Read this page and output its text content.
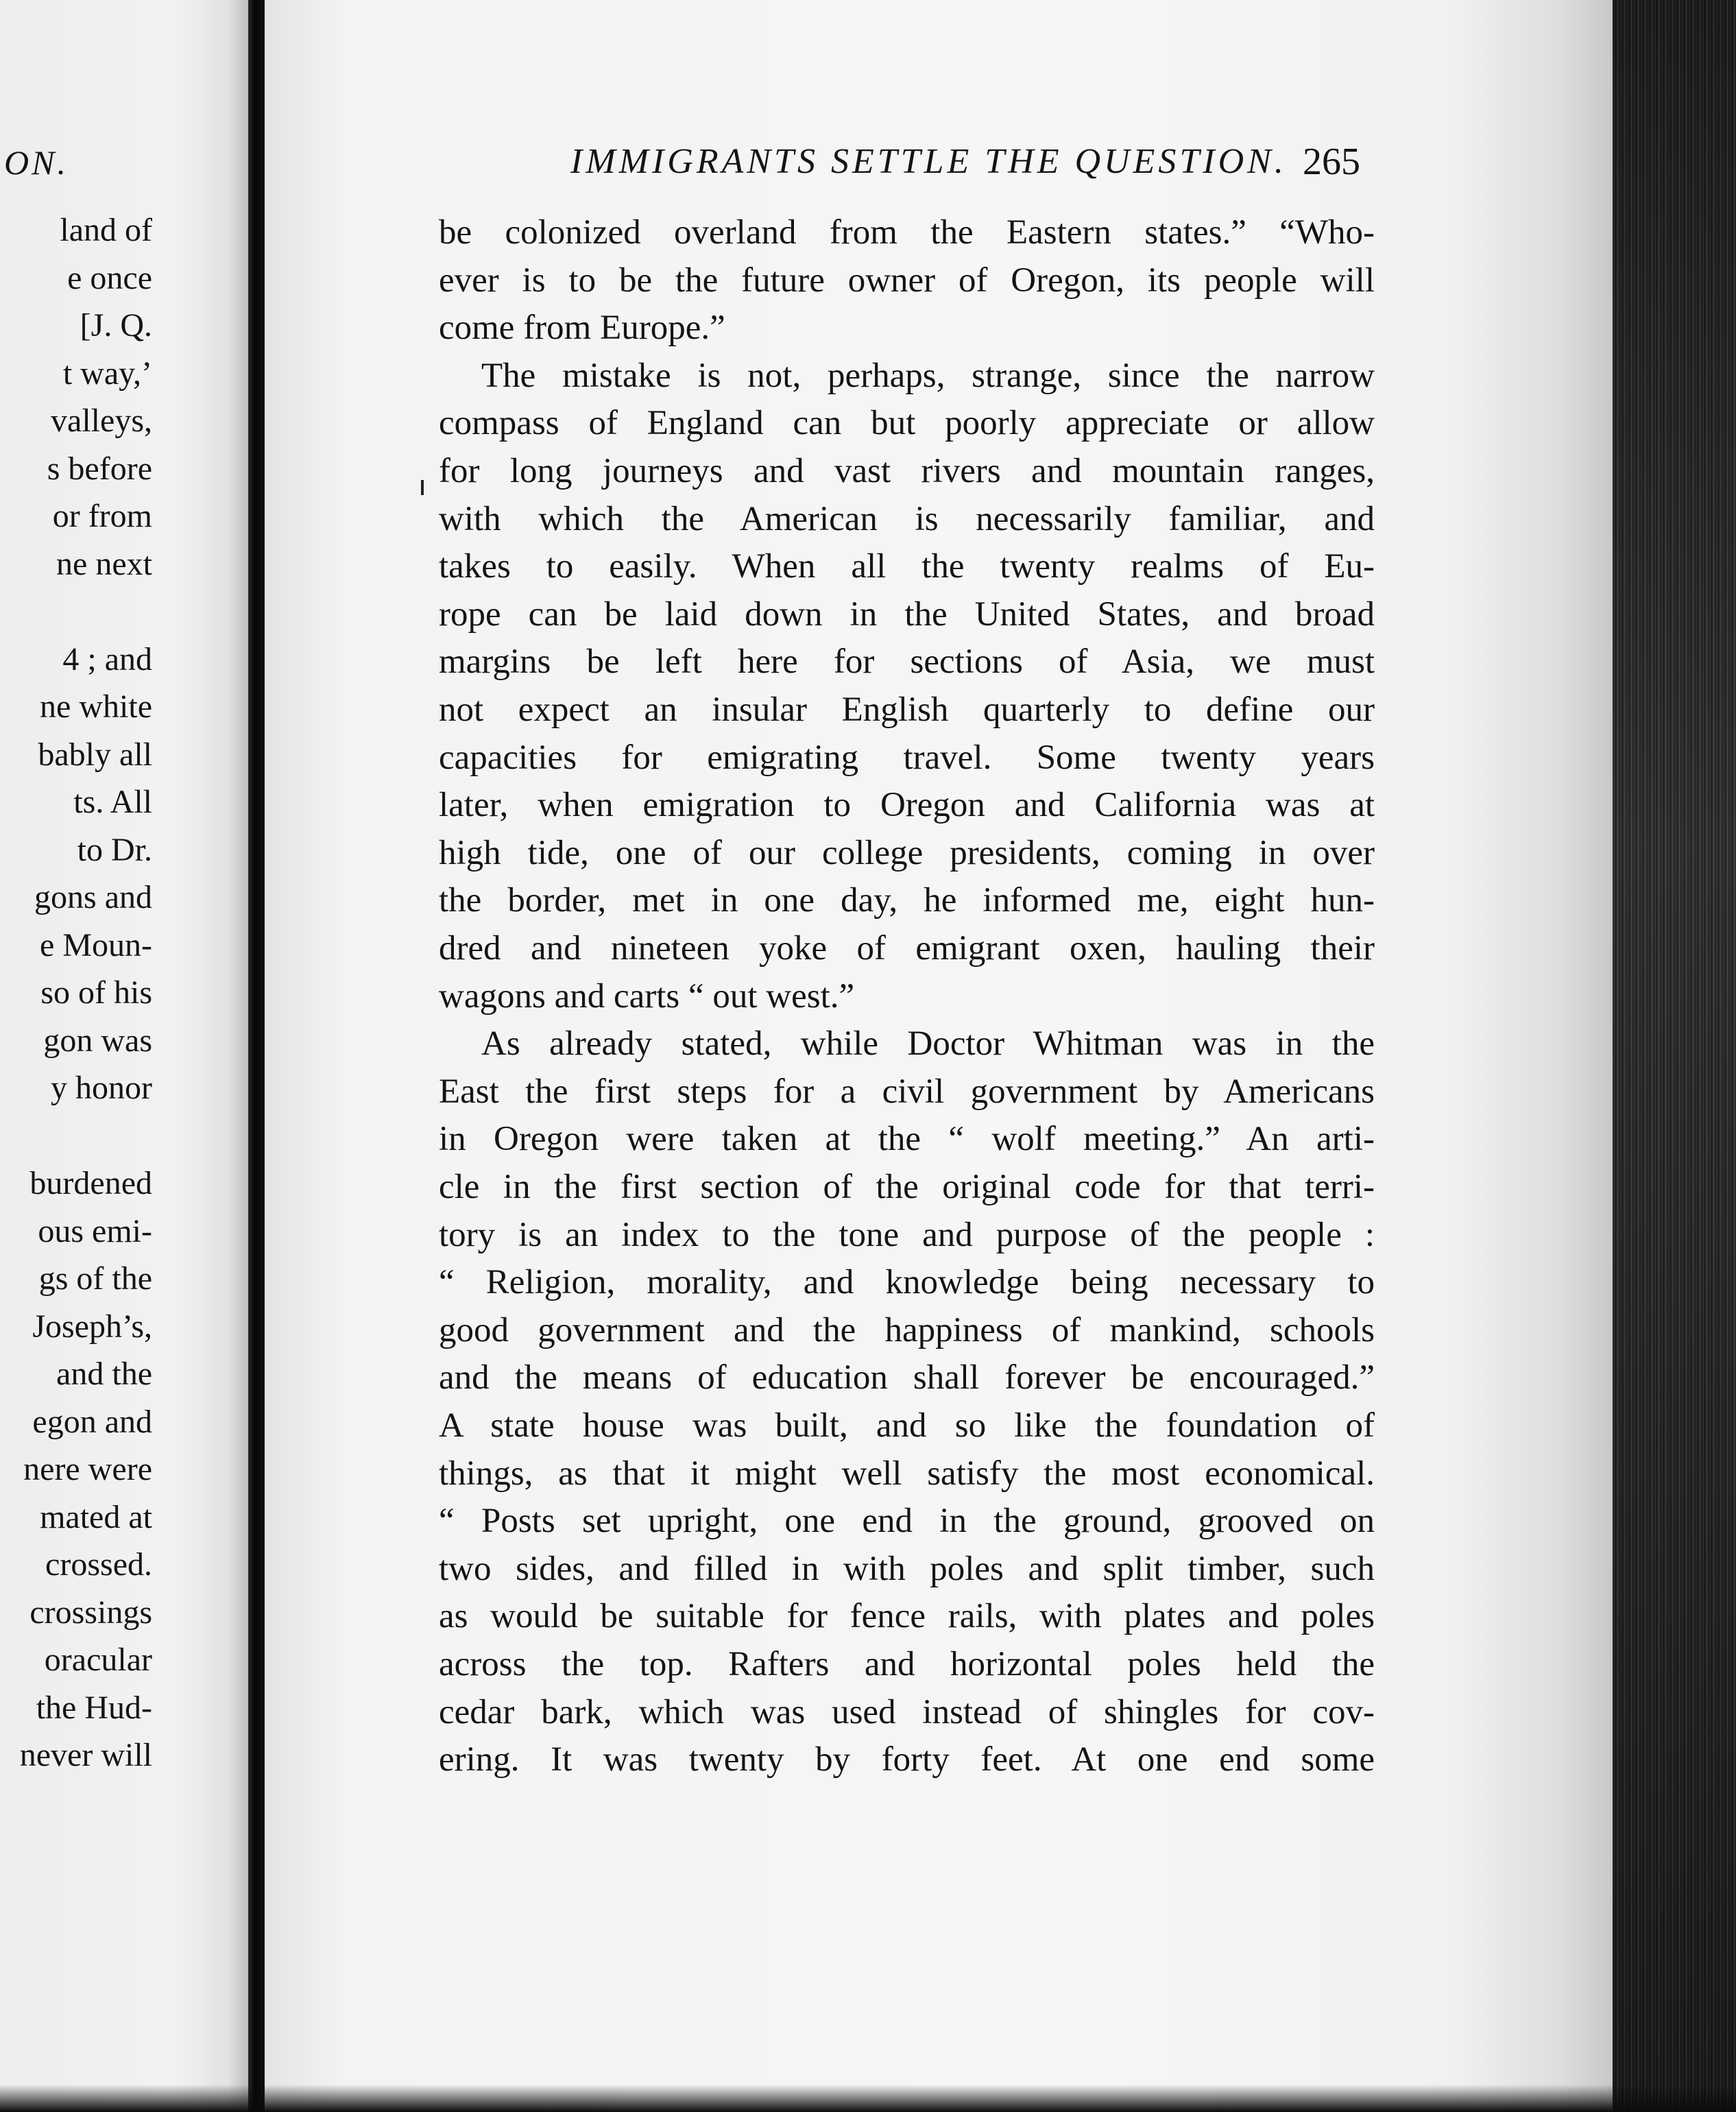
ON.
land of
e once
[J. Q.
t way,’
valleys,
s before
or from
ne next
4 ; and
ne white
bably all
ts. All
to Dr.
gons and
e Moun-
so of his
gon was
y honor
burdened
ous emi-
gs of the
Joseph’s,
and the
egon and
nere were
mated at
crossed.
crossings
oracular
the Hud-
never will
IMMIGRANTS SETTLE THE QUESTION. 265
be colonized overland from the Eastern states.” “Who-
ever is to be the future owner of Oregon, its people will
come from Europe.”
The mistake is not, perhaps, strange, since the narrow
compass of England can but poorly appreciate or allow
for long journeys and vast rivers and mountain ranges,
with which the American is necessarily familiar, and
takes to easily. When all the twenty realms of Eu-
rope can be laid down in the United States, and broad
margins be left here for sections of Asia, we must
not expect an insular English quarterly to define our
capacities for emigrating travel. Some twenty years
later, when emigration to Oregon and California was at
high tide, one of our college presidents, coming in over
the border, met in one day, he informed me, eight hun-
dred and nineteen yoke of emigrant oxen, hauling their
wagons and carts “ out west.”
As already stated, while Doctor Whitman was in the
East the first steps for a civil government by Americans
in Oregon were taken at the “ wolf meeting.” An arti-
cle in the first section of the original code for that terri-
tory is an index to the tone and purpose of the people :
“ Religion, morality, and knowledge being necessary to
good government and the happiness of mankind, schools
and the means of education shall forever be encouraged.”
A state house was built, and so like the foundation of
things, as that it might well satisfy the most economical.
“ Posts set upright, one end in the ground, grooved on
two sides, and filled in with poles and split timber, such
as would be suitable for fence rails, with plates and poles
across the top. Rafters and horizontal poles held the
cedar bark, which was used instead of shingles for cov-
ering. It was twenty by forty feet. At one end some
